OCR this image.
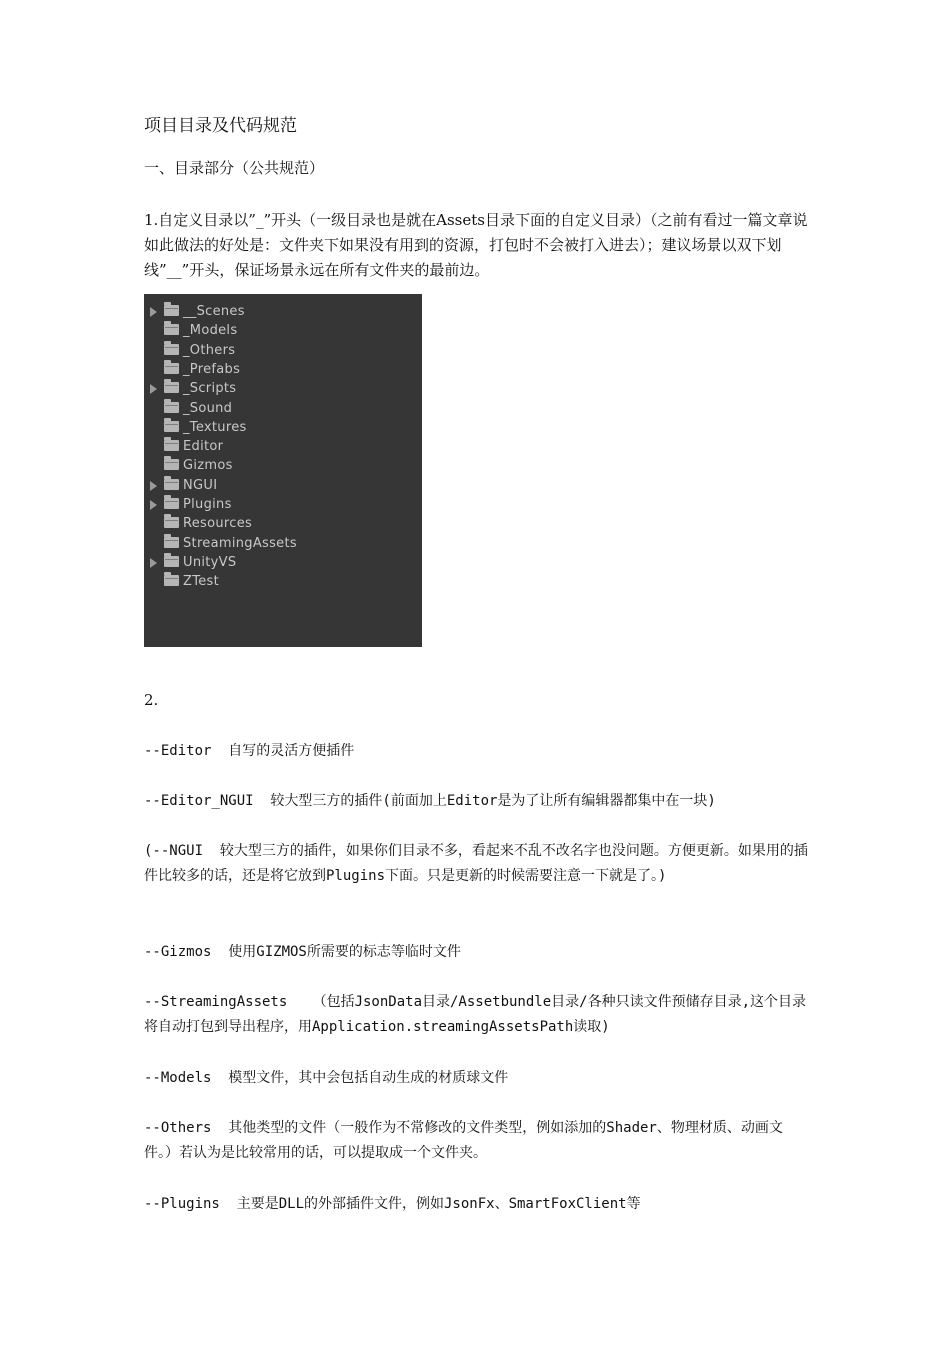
项目目录及代码规范
一、目录部分（公共规范）
1.自定义目录以”_”开头（一级目录也是就在Assets目录下面的自定义目录）（之前有看过一篇文章说如此做法的好处是：文件夹下如果没有用到的资源，打包时不会被打入进去）；建议场景以双下划线”__”开头，保证场景永远在所有文件夹的最前边。
__Scenes
_Models
_Others
_Prefabs
_Scripts
_Sound
_Textures
Editor
Gizmos
NGUI
Plugins
Resources
StreamingAssets
UnityVS
ZTest
2.
--Editor  自写的灵活方便插件
--Editor_NGUI  较大型三方的插件(前面加上Editor是为了让所有编辑器都集中在一块)
(--NGUI  较大型三方的插件，如果你们目录不多，看起来不乱不改名字也没问题。方便更新。如果用的插件比较多的话，还是将它放到Plugins下面。只是更新的时候需要注意一下就是了。)
--Gizmos  使用GIZMOS所需要的标志等临时文件
--StreamingAssets   （包括JsonData目录/Assetbundle目录/各种只读文件预储存目录,这个目录将自动打包到导出程序，用Application.streamingAssetsPath读取)
--Models  模型文件，其中会包括自动生成的材质球文件
--Others  其他类型的文件（一般作为不常修改的文件类型，例如添加的Shader、物理材质、动画文件。）若认为是比较常用的话，可以提取成一个文件夹。
--Plugins  主要是DLL的外部插件文件，例如JsonFx、SmartFoxClient等
